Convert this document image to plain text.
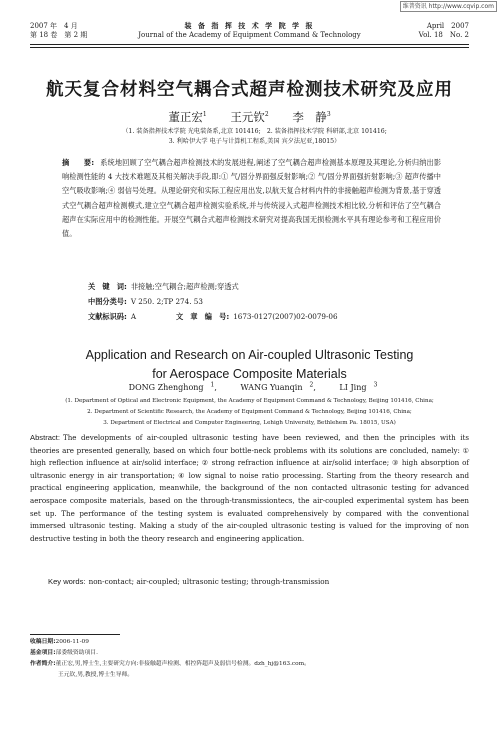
维普资讯 http://www.cqvip.com
2007 年　4 月
第 18 卷　第 2 期
装 备 指 挥 技 术 学 院 学 报
Journal of the Academy of Equipment Command & Technology
April　2007
Vol. 18　No. 2
航天复合材料空气耦合式超声检测技术研究及应用
董正宏$^1$ 王元钦$^2$ 李　静$^3$
（1. 装备指挥技术学院 光电装备系,北京 101416;　2. 装备指挥技术学院 科研部,北京 101416;
3. 利哈伊大学 电子与计算机工程系,美国 宾夕法尼亚,18015）
摘　　要: 系统地回顾了空气耦合超声检测技术的发展进程,阐述了空气耦合超声检测基本原理及其理论,分析归纳出影响检测性能的 4 大技术难题及其相关解决手段,即:① 气/固分界面强反射影响;② 气/固分界面强折射影响;③ 超声传播中空气吸收影响;④ 弱信号处理。从理论研究和实际工程应用出发,以航天复合材料内件的非接触超声检测为背景,基于穿透式空气耦合超声检测模式,建立空气耦合超声检测实验系统,并与传统浸入式超声检测技术相比较,分析和评估了空气耦合超声在实际应用中的检测性能。开展空气耦合式超声检测技术研究对提高我国无损检测水平具有理论参考和工程应用价值。
关　键　词: 非接触;空气耦合;超声检测;穿透式
中图分类号: V 250. 2;TP 274. 53
文献标识码: A	文　章　编　号: 1673-0127(2007)02-0079-06
Application and Research on Air-coupled Ultrasonic Testing
for Aerospace Composite Materials
DONG Zhenghong $^1$,	WANG Yuanqin $^2$,	LI Jing $^3$
(1. Department of Optical and Electronic Equipment, the Academy of Equipment Command & Technology, Beijing 101416, China;
2. Department of Scientific Research, the Academy of Equipment Command & Technology, Beijing 101416, China;
3. Department of Electrical and Computer Engineering, Lehigh University, Bethlehem Pa. 18015, USA)
Abstract: The developments of air-coupled ultrasonic testing have been reviewed, and then the principles with its theories are presented generally, based on which four bottle-neck problems with its solutions are concluded, namely: ① high reflection influence at air/solid interface; ② strong refraction influence at air/solid interface; ③ high absorption of ultrasonic energy in air transportation; ④ low signal to noise ratio processing. Starting from the theory research and practical engineering application, meanwhile, the background of the non contacted ultrasonic testing for advanced aerospace composite materials, based on the through-transmissiontecs, the air-coupled experimental system has been set up. The performance of the testing system is evaluated comprehensively by compared with the conventional immersed ultrasonic testing. Making a study of the air-coupled ultrasonic testing is valued for the improving of non destructive testing in both the theory research and engineering application.
Key words: non-contact; air-coupled; ultrasonic testing; through-transmission
收稿日期:2006-11-09
基金项目:部委级资助项目.
作者简介:董正宏,男,博士生,主要研究方向:非接触超声检测、相控阵超声及弱信号检测。dzh_hj@163.com。
王元钦,男,教授,博士生导师。
